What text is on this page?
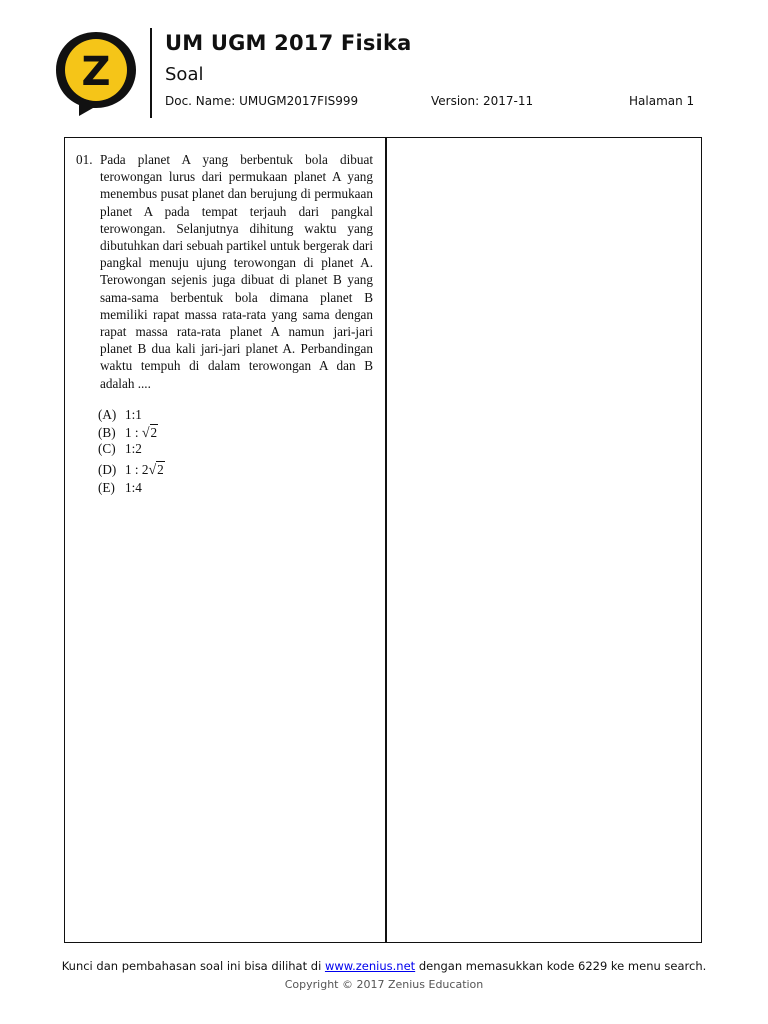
Z
UM UGM 2017 Fisika
Soal
Doc. Name: UMUGM2017FIS999	Version: 2017-11	Halaman 1
01. Pada planet A yang berbentuk bola dibuat terowongan lurus dari permukaan planet A yang menembus pusat planet dan berujung di permukaan planet A pada tempat terjauh dari pangkal terowongan. Selanjutnya dihitung waktu yang dibutuhkan dari sebuah partikel untuk bergerak dari pangkal menuju ujung terowongan di planet A. Terowongan sejenis juga dibuat di planet B yang sama-sama berbentuk bola dimana planet B memiliki rapat massa rata-rata yang sama dengan rapat massa rata-rata planet A namun jari-jari planet B dua kali jari-jari planet A. Perbandingan waktu tempuh di dalam terowongan A dan B adalah ....
(A) 1:1
(B) 1 : √2
(C) 1:2
(D) 1 : 2√2
(E) 1:4
Kunci dan pembahasan soal ini bisa dilihat di www.zenius.net dengan memasukkan kode 6229 ke menu search.
Copyright © 2017 Zenius Education
